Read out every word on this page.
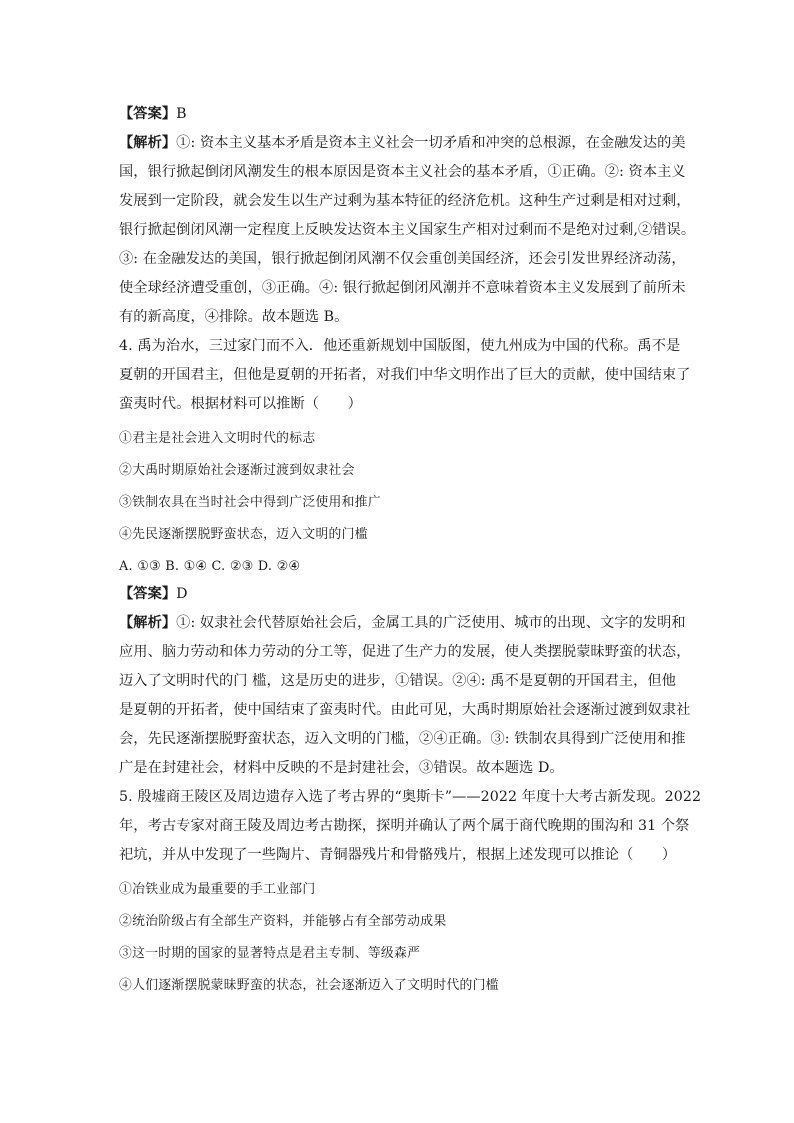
【答案】B

【解析】①: 资本主义基本矛盾是资本主义社会一切矛盾和冲突的总根源，在金融发达的美

国，银行掀起倒闭风潮发生的根本原因是资本主义社会的基本矛盾，①正确。②: 资本主义

发展到一定阶段，就会发生以生产过剩为基本特征的经济危机。这种生产过剩是相对过剩，

银行掀起倒闭风潮一定程度上反映发达资本主义国家生产相对过剩而不是绝对过剩,②错误。

③: 在金融发达的美国，银行掀起倒闭风潮不仅会重创美国经济，还会引发世界经济动荡，

使全球经济遭受重创，③正确。④: 银行掀起倒闭风潮并不意味着资本主义发展到了前所未

有的新高度，④排除。故本题选 B。

4. 禹为治水，三过家门而不入．他还重新规划中国版图，使九州成为中国的代称。禹不是

夏朝的开国君主，但他是夏朝的开拓者，对我们中华文明作出了巨大的贡献，使中国结束了

蛮夷时代。根据材料可以推断（　　）

①君主是社会进入文明时代的标志

②大禹时期原始社会逐渐过渡到奴隶社会

③铁制农具在当时社会中得到广泛使用和推广

④先民逐渐摆脱野蛮状态，迈入文明的门槛

A. ①③ B. ①④ C. ②③ D. ②④

【答案】D

【解析】①: 奴隶社会代替原始社会后，金属工具的广泛使用、城市的出现、文字的发明和

应用、脑力劳动和体力劳动的分工等，促进了生产力的发展，使人类摆脱蒙昧野蛮的状态，

迈入了文明时代的门 槛，这是历史的进步，①错误。②④: 禹不是夏朝的开国君主，但他

是夏朝的开拓者，使中国结束了蛮夷时代。由此可见，大禹时期原始社会逐渐过渡到奴隶社

会，先民逐渐摆脱野蛮状态，迈入文明的门槛，②④正确。③: 铁制农具得到广泛使用和推

广是在封建社会，材料中反映的不是封建社会，③错误。故本题选 D。

5. 殷墟商王陵区及周边遗存入选了考古界的“奥斯卡”——2022 年度十大考古新发现。2022

年，考古专家对商王陵及周边考古勘探，探明并确认了两个属于商代晚期的围沟和 31 个祭

祀坑，并从中发现了一些陶片、青铜器残片和骨骼残片，根据上述发现可以推论（　　）

①冶铁业成为最重要的手工业部门

②统治阶级占有全部生产资料，并能够占有全部劳动成果

③这一时期的国家的显著特点是君主专制、等级森严

④人们逐渐摆脱蒙昧野蛮的状态，社会逐渐迈入了文明时代的门槛
